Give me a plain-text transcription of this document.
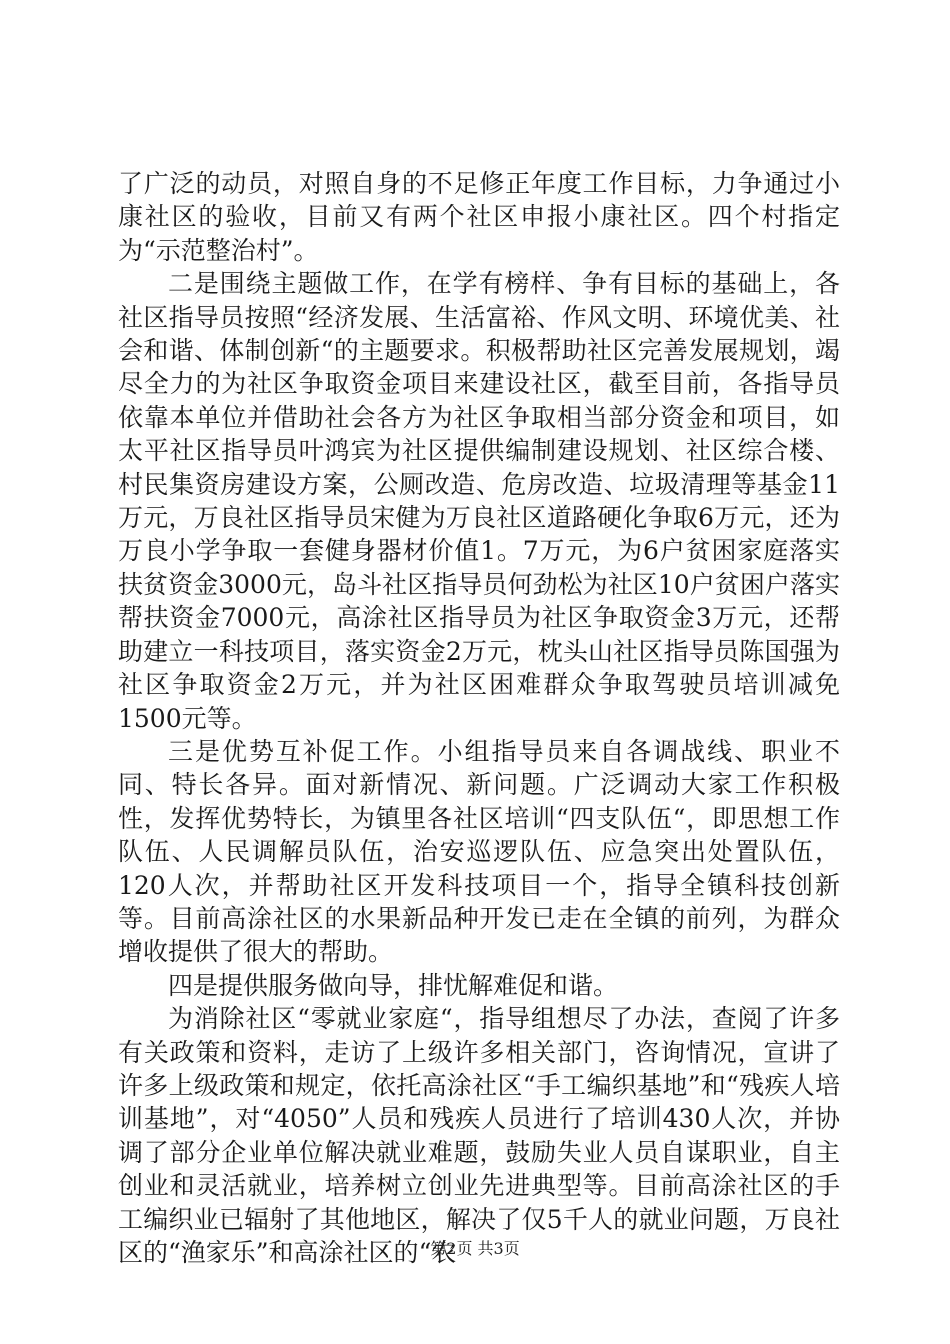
了广泛的动员，对照自身的不足修正年度工作目标，力争通过小康社区的验收，目前又有两个社区申报小康社区。四个村指定为“示范整治村”。

二是围绕主题做工作，在学有榜样、争有目标的基础上，各社区指导员按照“经济发展、生活富裕、作风文明、环境优美、社会和谐、体制创新“的主题要求。积极帮助社区完善发展规划，竭尽全力的为社区争取资金项目来建设社区，截至目前，各指导员依靠本单位并借助社会各方为社区争取相当部分资金和项目，如太平社区指导员叶鸿宾为社区提供编制建设规划、社区综合楼、村民集资房建设方案，公厕改造、危房改造、垃圾清理等基金11万元，万良社区指导员宋健为万良社区道路硬化争取6万元，还为万良小学争取一套健身器材价值1。7万元，为6户贫困家庭落实扶贫资金3000元，岛斗社区指导员何劲松为社区10户贫困户落实帮扶资金7000元，高涂社区指导员为社区争取资金3万元，还帮助建立一科技项目，落实资金2万元，枕头山社区指导员陈国强为社区争取资金2万元，并为社区困难群众争取驾驶员培训减免1500元等。

三是优势互补促工作。小组指导员来自各调战线、职业不同、特长各异。面对新情况、新问题。广泛调动大家工作积极性，发挥优势特长，为镇里各社区培训“四支队伍“，即思想工作队伍、人民调解员队伍，治安巡逻队伍、应急突出处置队伍，120人次，并帮助社区开发科技项目一个，指导全镇科技创新等。目前高涂社区的水果新品种开发已走在全镇的前列，为群众增收提供了很大的帮助。

四是提供服务做向导，排忧解难促和谐。

为消除社区“零就业家庭“，指导组想尽了办法，查阅了许多有关政策和资料，走访了上级许多相关部门，咨询情况，宣讲了许多上级政策和规定，依托高涂社区“手工编织基地”和“残疾人培训基地”，对“4050”人员和残疾人员进行了培训430人次，并协调了部分企业单位解决就业难题，鼓励失业人员自谋职业，自主创业和灵活就业，培养树立创业先进典型等。目前高涂社区的手工编织业已辐射了其他地区，解决了仅5千人的就业问题，万良社区的“渔家乐”和高涂社区的“农

第2页 共3页
